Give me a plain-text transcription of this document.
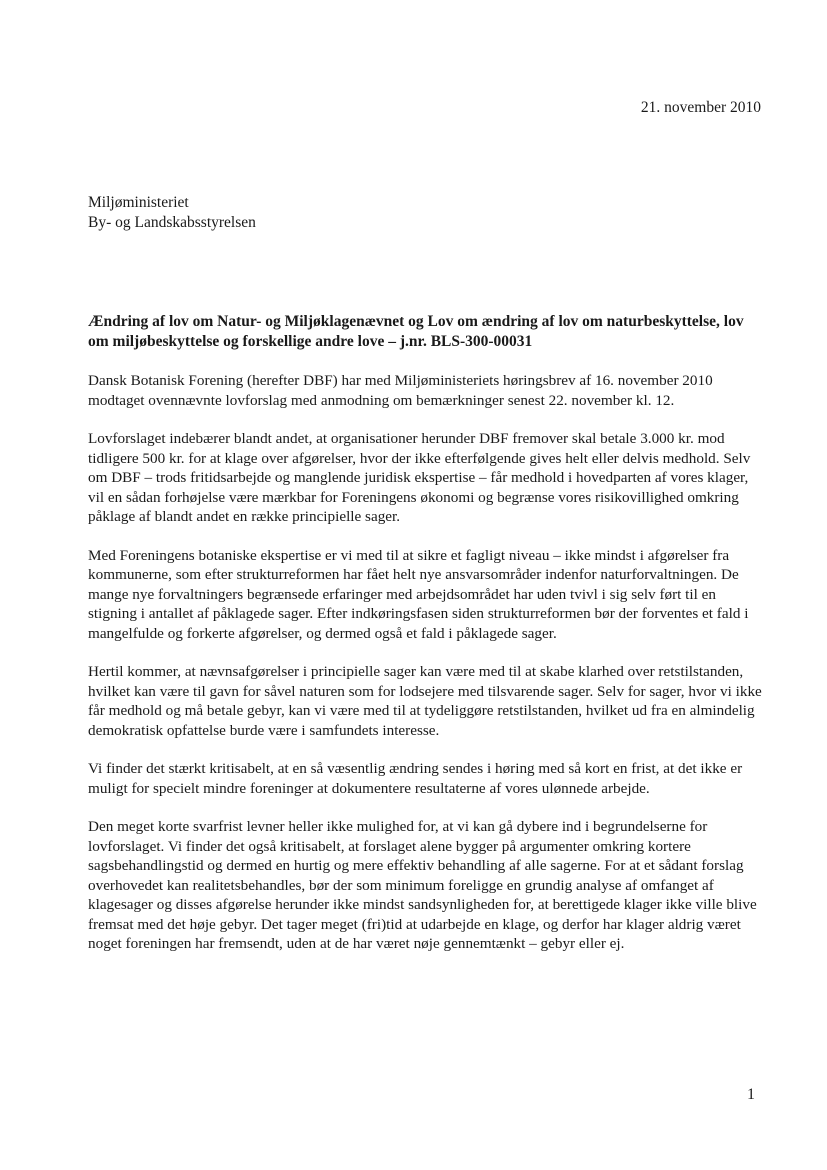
21. november 2010
Miljøministeriet
By- og Landskabsstyrelsen
Ændring af lov om Natur- og Miljøklagenævnet og Lov om ændring af lov om naturbeskyttelse, lov om miljøbeskyttelse og forskellige andre love – j.nr. BLS-300-00031

Dansk Botanisk Forening (herefter DBF) har med Miljøministeriets høringsbrev af 16. november 2010 modtaget ovennævnte lovforslag med anmodning om bemærkninger senest 22. november kl. 12.

Lovforslaget indebærer blandt andet, at organisationer herunder DBF fremover skal betale 3.000 kr. mod tidligere 500 kr. for at klage over afgørelser, hvor der ikke efterfølgende gives helt eller delvis medhold. Selv om DBF – trods fritidsarbejde og manglende juridisk ekspertise – får medhold i hovedparten af vores klager, vil en sådan forhøjelse være mærkbar for Foreningens økonomi og begrænse vores risikovillighed omkring påklage af blandt andet en række principielle sager.

Med Foreningens botaniske ekspertise er vi med til at sikre et fagligt niveau – ikke mindst i afgørelser fra kommunerne, som efter strukturreformen har fået helt nye ansvarsområder indenfor naturforvaltningen. De mange nye forvaltningers begrænsede erfaringer med arbejdsområdet har uden tvivl i sig selv ført til en stigning i antallet af påklagede sager. Efter indkøringsfasen siden strukturreformen bør der forventes et fald i mangelfulde og forkerte afgørelser, og dermed også et fald i påklagede sager.

Hertil kommer, at nævnsafgørelser i principielle sager kan være med til at skabe klarhed over retstilstanden, hvilket kan være til gavn for såvel naturen som for lodsejere med tilsvarende sager. Selv for sager, hvor vi ikke får medhold og må betale gebyr, kan vi være med til at tydeliggøre retstilstanden, hvilket ud fra en almindelig demokratisk opfattelse burde være i samfundets interesse.

Vi finder det stærkt kritisabelt, at en så væsentlig ændring sendes i høring med så kort en frist, at det ikke er muligt for specielt mindre foreninger at dokumentere resultaterne af vores ulønnede arbejde.

Den meget korte svarfrist levner heller ikke mulighed for, at vi kan gå dybere ind i begrundelserne for lovforslaget. Vi finder det også kritisabelt, at forslaget alene bygger på argumenter omkring kortere sagsbehandlingstid og dermed en hurtig og mere effektiv behandling af alle sagerne. For at et sådant forslag overhovedet kan realitetsbehandles, bør der som minimum foreligge en grundig analyse af omfanget af klagesager og disses afgørelse herunder ikke mindst sandsynligheden for, at berettigede klager ikke ville blive fremsat med det høje gebyr. Det tager meget (fri)tid at udarbejde en klage, og derfor har klager aldrig været noget foreningen har fremsendt, uden at de har været nøje gennemtænkt – gebyr eller ej.

1
